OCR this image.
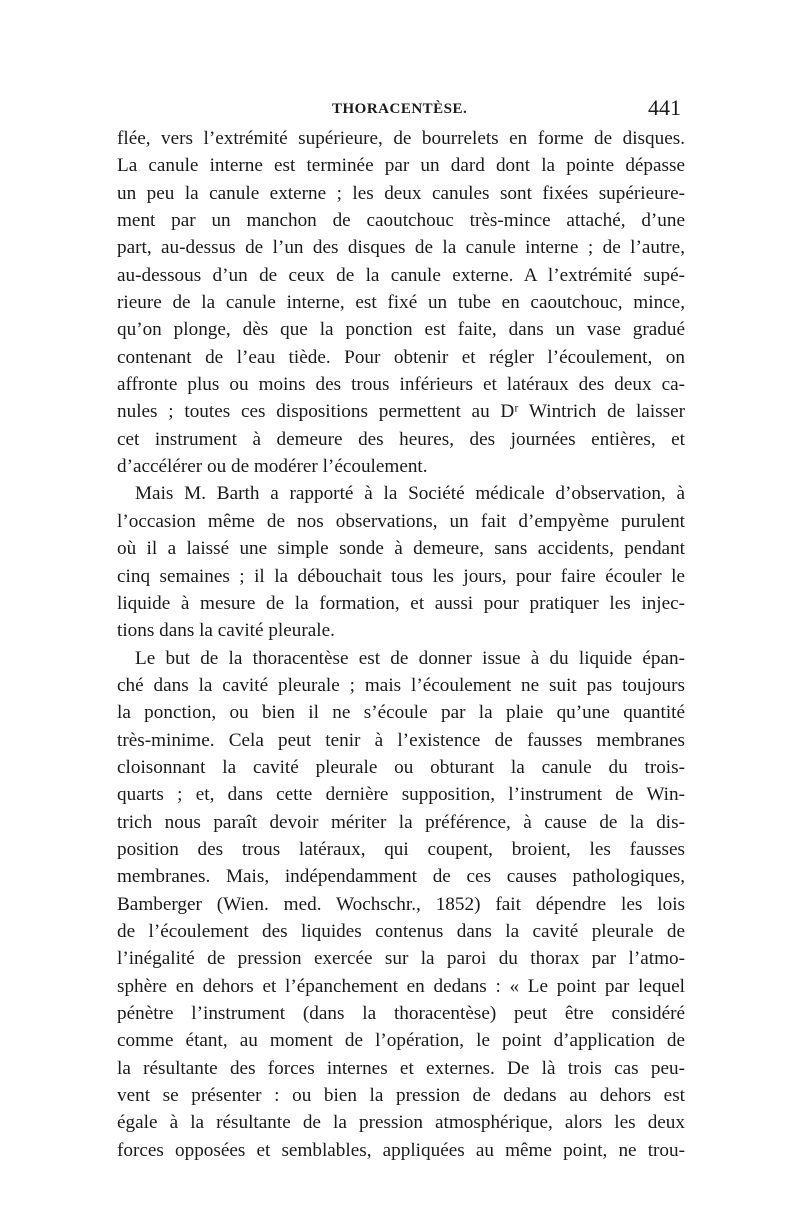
THORACENTÈSE.	441
flée, vers l’extrémité supérieure, de bourrelets en forme de disques.
La canule interne est terminée par un dard dont la pointe dépasse
un peu la canule externe ; les deux canules sont fixées supérieure-
ment par un manchon de caoutchouc très-mince attaché, d’une
part, au-dessus de l’un des disques de la canule interne ; de l’autre,
au-dessous d’un de ceux de la canule externe. A l’extrémité supé-
rieure de la canule interne, est fixé un tube en caoutchouc, mince,
qu’on plonge, dès que la ponction est faite, dans un vase gradué
contenant de l’eau tiède. Pour obtenir et régler l’écoulement, on
affronte plus ou moins des trous inférieurs et latéraux des deux ca-
nules ; toutes ces dispositions permettent au Dʳ Wintrich de laisser
cet instrument à demeure des heures, des journées entières, et
d’accélérer ou de modérer l’écoulement.
Mais M. Barth a rapporté à la Société médicale d’observation, à
l’occasion même de nos observations, un fait d’empyème purulent
où il a laissé une simple sonde à demeure, sans accidents, pendant
cinq semaines ; il la débouchait tous les jours, pour faire écouler le
liquide à mesure de la formation, et aussi pour pratiquer les injec-
tions dans la cavité pleurale.
Le but de la thoracentèse est de donner issue à du liquide épan-
ché dans la cavité pleurale ; mais l’écoulement ne suit pas toujours
la ponction, ou bien il ne s’écoule par la plaie qu’une quantité
très-minime. Cela peut tenir à l’existence de fausses membranes
cloisonnant la cavité pleurale ou obturant la canule du trois-
quarts ; et, dans cette dernière supposition, l’instrument de Win-
trich nous paraît devoir mériter la préférence, à cause de la dis-
position des trous latéraux, qui coupent, broient, les fausses
membranes. Mais, indépendamment de ces causes pathologiques,
Bamberger (Wien. med. Wochschr., 1852) fait dépendre les lois
de l’écoulement des liquides contenus dans la cavité pleurale de
l’inégalité de pression exercée sur la paroi du thorax par l’atmo-
sphère en dehors et l’épanchement en dedans : « Le point par lequel
pénètre l’instrument (dans la thoracentèse) peut être considéré
comme étant, au moment de l’opération, le point d’application de
la résultante des forces internes et externes. De là trois cas peu-
vent se présenter : ou bien la pression de dedans au dehors est
égale à la résultante de la pression atmosphérique, alors les deux
forces opposées et semblables, appliquées au même point, ne trou-
